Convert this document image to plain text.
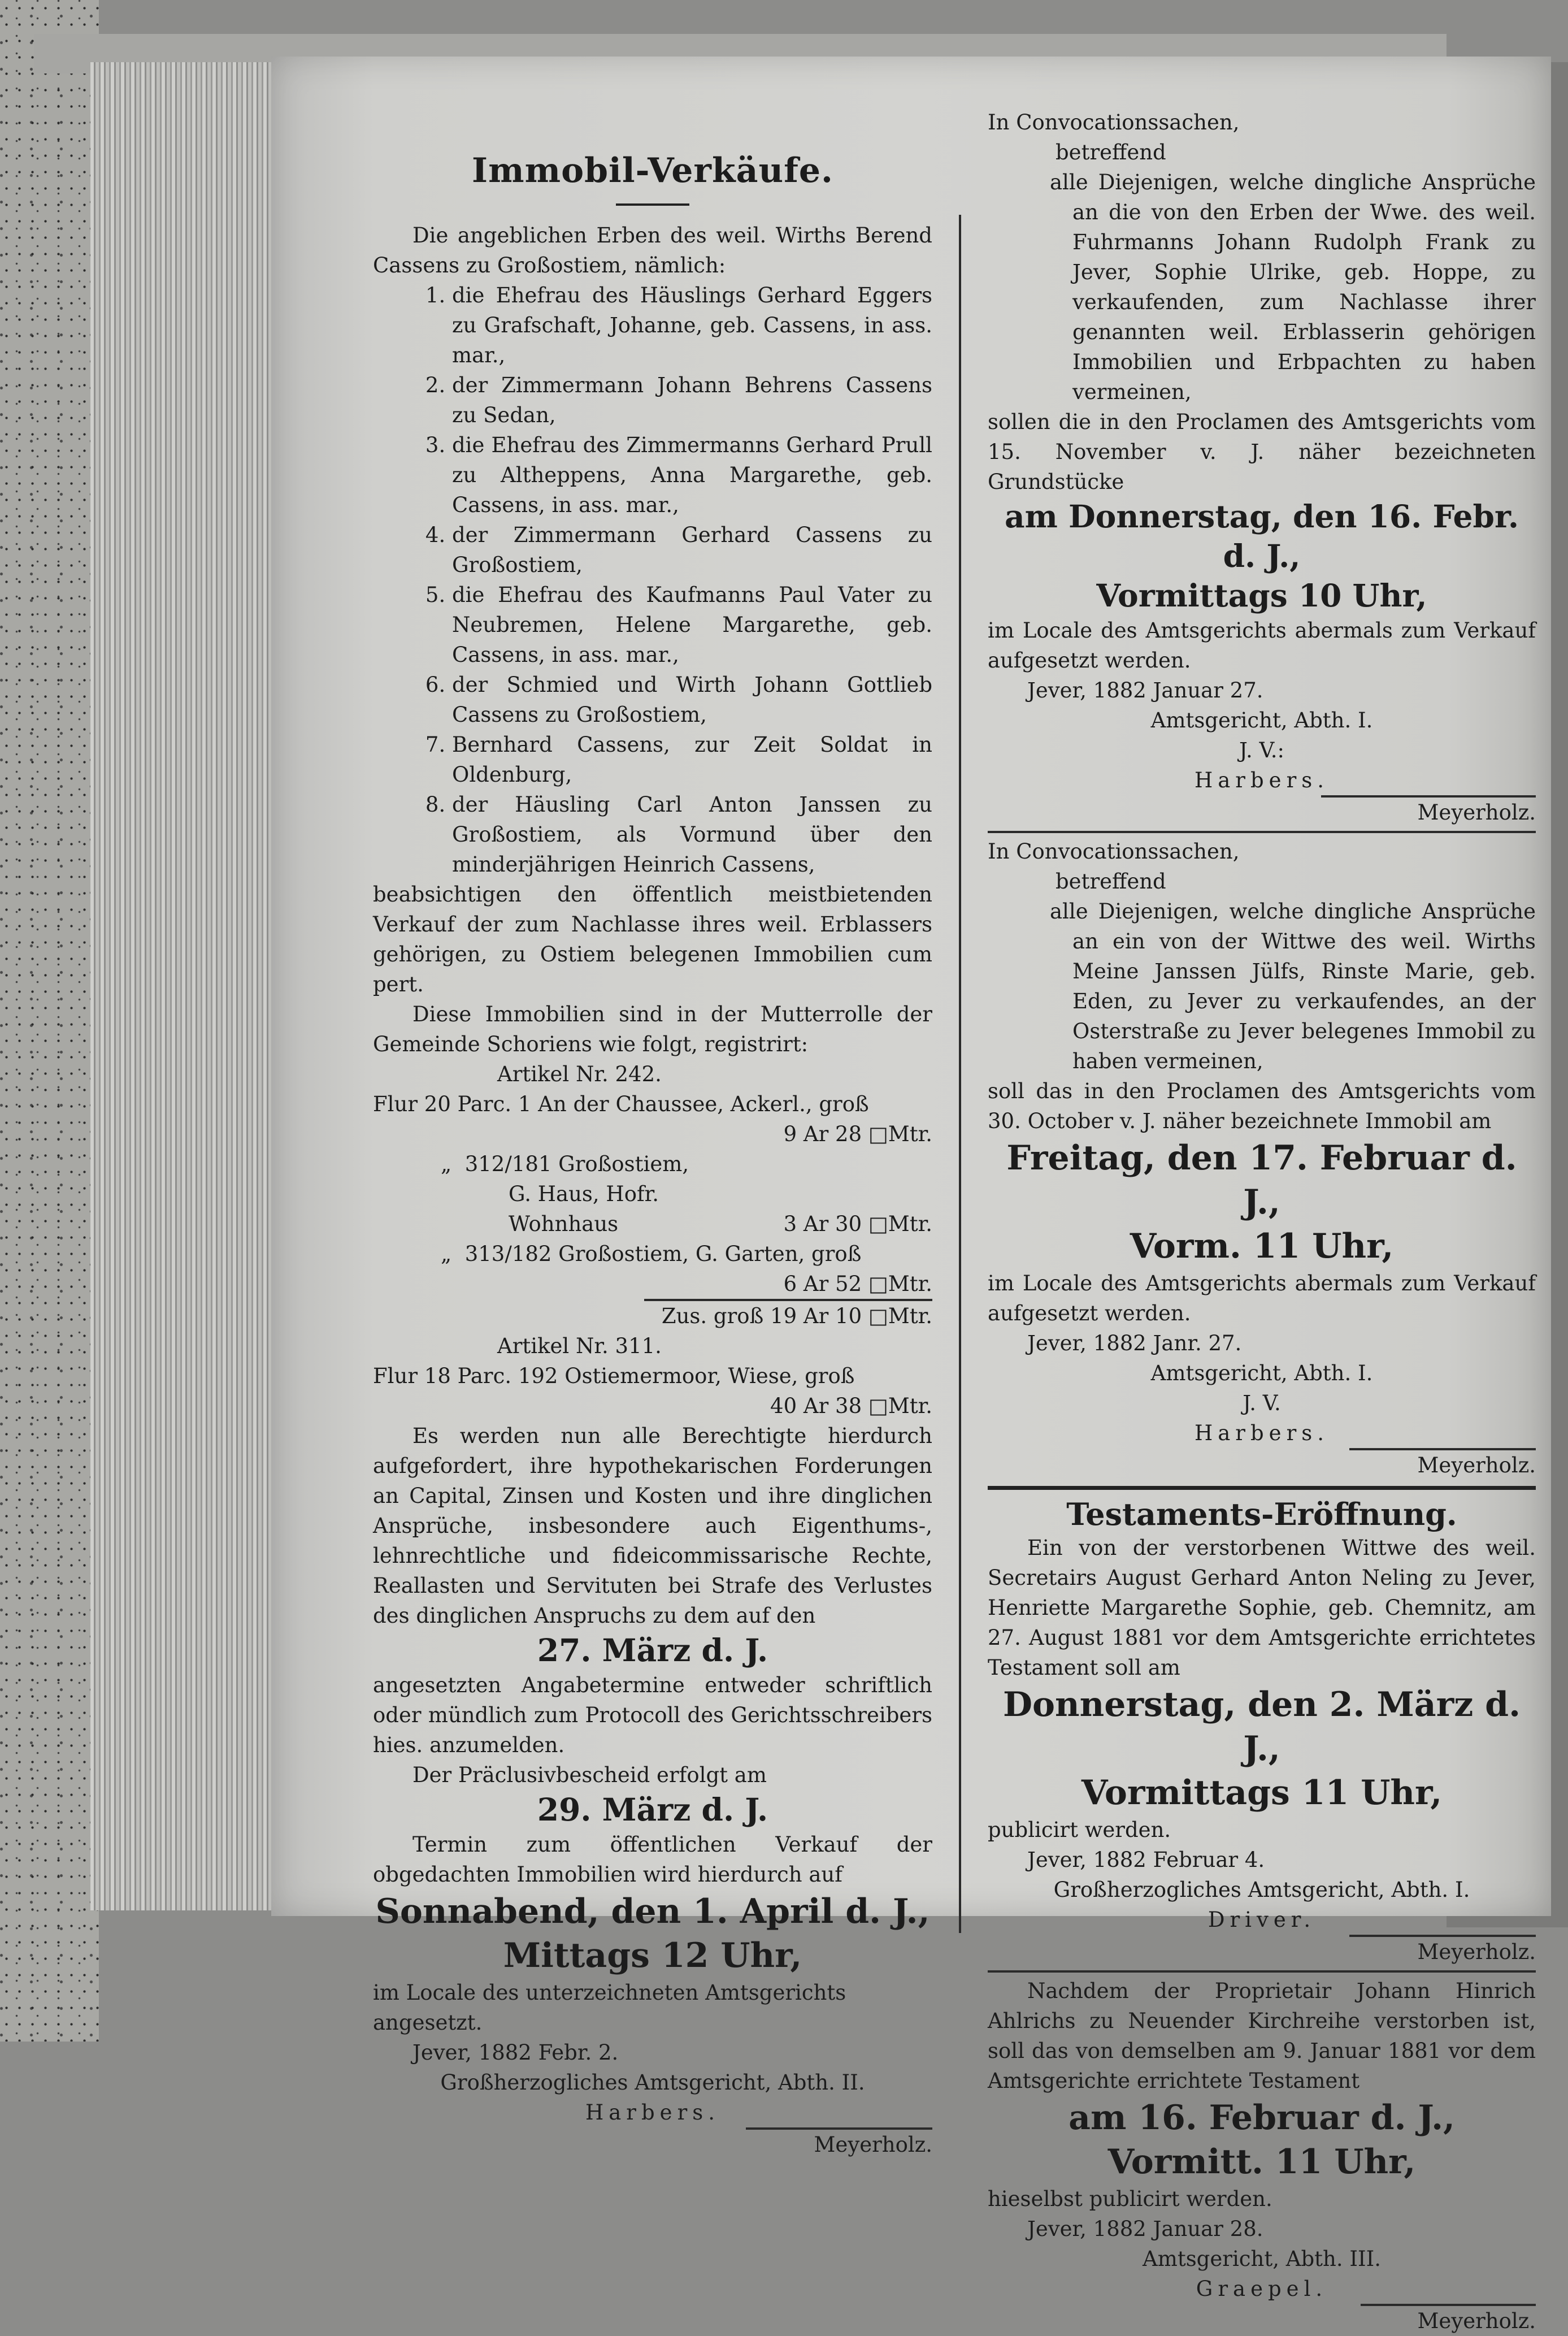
Immobil-Verkäufe.

Die angeblichen Erben des weil. Wirths Berend Cassens zu Großostiem, nämlich:

1. die Ehefrau des Häuslings Gerhard Eggers zu Grafschaft, Johanne, geb. Cassens, in ass. mar.,
2. der Zimmermann Johann Behrens Cassens zu Sedan,
3. die Ehefrau des Zimmermanns Gerhard Prull zu Altheppens, Anna Margarethe, geb. Cassens, in ass. mar.,
4. der Zimmermann Gerhard Cassens zu Großostiem,
5. die Ehefrau des Kaufmanns Paul Vater zu Neubremen, Helene Margarethe, geb. Cassens, in ass. mar.,
6. der Schmied und Wirth Johann Gottlieb Cassens zu Großostiem,
7. Bernhard Cassens, zur Zeit Soldat in Oldenburg,
8. der Häusling Carl Anton Janssen zu Großostiem, als Vormund über den minderjährigen Heinrich Cassens,

beabsichtigen den öffentlich meistbietenden Verkauf der zum Nachlasse ihres weil. Erblassers gehörigen, zu Ostiem belegenen Immobilien cum pert.

Diese Immobilien sind in der Mutterrolle der Gemeinde Schoriens wie folgt, registrirt:

Artikel Nr. 242.

Flur 20 Parc. 1 An der Chaussee, Ackerl., groß

9 Ar 28 □Mtr.

„ 312/181 Großostiem,

G. Haus, Hofr.

Wohnhaus	3 Ar 30 □Mtr.

„ 313/182 Großostiem, G. Garten, groß

6 Ar 52 □Mtr.

Zus. groß 19 Ar 10 □Mtr.

Artikel Nr. 311.

Flur 18 Parc. 192 Ostiemermoor, Wiese, groß

40 Ar 38 □Mtr.

Es werden nun alle Berechtigte hierdurch aufgefordert, ihre hypothekarischen Forderungen an Capital, Zinsen und Kosten und ihre dinglichen Ansprüche, insbesondere auch Eigenthums-, lehnrechtliche und fideicommissarische Rechte, Reallasten und Servituten bei Strafe des Verlustes des dinglichen Anspruchs zu dem auf den

27. März d. J.

angesetzten Angabetermine entweder schriftlich oder mündlich zum Protocoll des Gerichtsschreibers hies. anzumelden.

Der Präclusivbescheid erfolgt am

29. März d. J.

Termin zum öffentlichen Verkauf der obgedachten Immobilien wird hierdurch auf

Sonnabend, den 1. April d. J.,

Mittags 12 Uhr,

im Locale des unterzeichneten Amtsgerichts angesetzt.

Jever, 1882 Febr. 2.

Großherzogliches Amtsgericht, Abth. II.

Harbers.

Meyerholz.

In Convocationssachen,

betreffend

alle Diejenigen, welche dingliche Ansprüche an die von den Erben der Wwe. des weil. Fuhrmanns Johann Rudolph Frank zu Jever, Sophie Ulrike, geb. Hoppe, zu verkaufenden, zum Nachlasse ihrer genannten weil. Erblasserin gehörigen Immobilien und Erbpachten zu haben vermeinen,

sollen die in den Proclamen des Amtsgerichts vom 15. November v. J. näher bezeichneten Grundstücke

am Donnerstag, den 16. Febr. d. J.,

Vormittags 10 Uhr,

im Locale des Amtsgerichts abermals zum Verkauf aufgesetzt werden.

Jever, 1882 Januar 27.

Amtsgericht, Abth. I.

J. V.:

Harbers.

Meyerholz.

In Convocationssachen,

betreffend

alle Diejenigen, welche dingliche Ansprüche an ein von der Wittwe des weil. Wirths Meine Janssen Jülfs, Rinste Marie, geb. Eden, zu Jever zu verkaufendes, an der Osterstraße zu Jever belegenes Immobil zu haben vermeinen,

soll das in den Proclamen des Amtsgerichts vom 30. October v. J. näher bezeichnete Immobil am

Freitag, den 17. Februar d. J.,

Vorm. 11 Uhr,

im Locale des Amtsgerichts abermals zum Verkauf aufgesetzt werden.

Jever, 1882 Janr. 27.

Amtsgericht, Abth. I.

J. V.

Harbers.

Meyerholz.

Testaments-Eröffnung.

Ein von der verstorbenen Wittwe des weil. Secretairs August Gerhard Anton Neling zu Jever, Henriette Margarethe Sophie, geb. Chemnitz, am 27. August 1881 vor dem Amtsgerichte errichtetes Testament soll am

Donnerstag, den 2. März d. J.,

Vormittags 11 Uhr,

publicirt werden.

Jever, 1882 Februar 4.

Großherzogliches Amtsgericht, Abth. I.

Driver.

Meyerholz.

Nachdem der Proprietair Johann Hinrich Ahlrichs zu Neuender Kirchreihe verstorben ist, soll das von demselben am 9. Januar 1881 vor dem Amtsgerichte errichtete Testament

am 16. Februar d. J.,

Vormitt. 11 Uhr,

hieselbst publicirt werden.

Jever, 1882 Januar 28.

Amtsgericht, Abth. III.

Graepel.

Meyerholz.
